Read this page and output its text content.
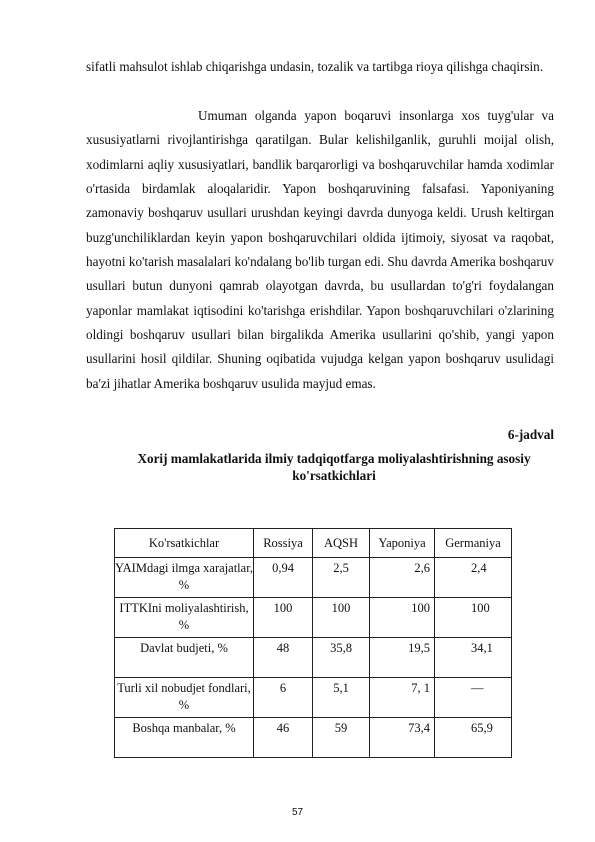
sifatli mahsulot ishlab chiqarishga undasin, tozalik va tartibga rioya qilishga chaqirsin.
Umuman olganda yapon boqaruvi insonlarga xos tuyg'ular va xususiyatlarni rivojlantirishga qaratilgan. Bular kelishilganlik, guruhli moijal olish, xodimlarni aqliy xususiyatlari, bandlik barqarorligi va boshqaruvchilar hamda xodimlar o'rtasida birdamlak aloqalaridir. Yapon boshqaruvining falsafasi. Yaponiyaning zamonaviy boshqaruv usullari urushdan keyingi davrda dunyoga keldi. Urush keltirgan buzg'unchiliklardan keyin yapon boshqaruvchilari oldida ijtimoiy, siyosat va raqobat, hayotni ko'tarish masalalari ko'ndalang bo'lib turgan edi. Shu davrda Amerika boshqaruv usullari butun dunyoni qamrab olayotgan davrda, bu usullardan to'g'ri foydalangan yaponlar mamlakat iqtisodini ko'tarishga erishdilar. Yapon boshqaruvchilari o'zlarining oldingi boshqaruv usullari bilan birgalikda Amerika usullarini qo'shib, yangi yapon usullarini hosil qildilar. Shuning oqibatida vujudga kelgan yapon boshqaruv usulidagi ba'zi jihatlar Amerika boshqaruv usulida mayjud emas.
6-jadval
Xorij mamlakatlarida ilmiy tadqiqotfarga moliyalashtirishning asosiy ko'rsatkichlari
Ko'rsatkichlar	Rossiya	AQSH	Yaponiya	Germaniya
YAIMdagi ilmga xarajatlar, %	0,94	2,5	2,6	2,4
ITTKIni moliyalashtirish, %	100	100	100	100
Davlat budjeti, %	48	35,8	19,5	34,1
Turli xil nobudjet fondlari, %	6	5,1	7, 1	—
Boshqa manbalar, %	46	59	73,4	65,9
57
